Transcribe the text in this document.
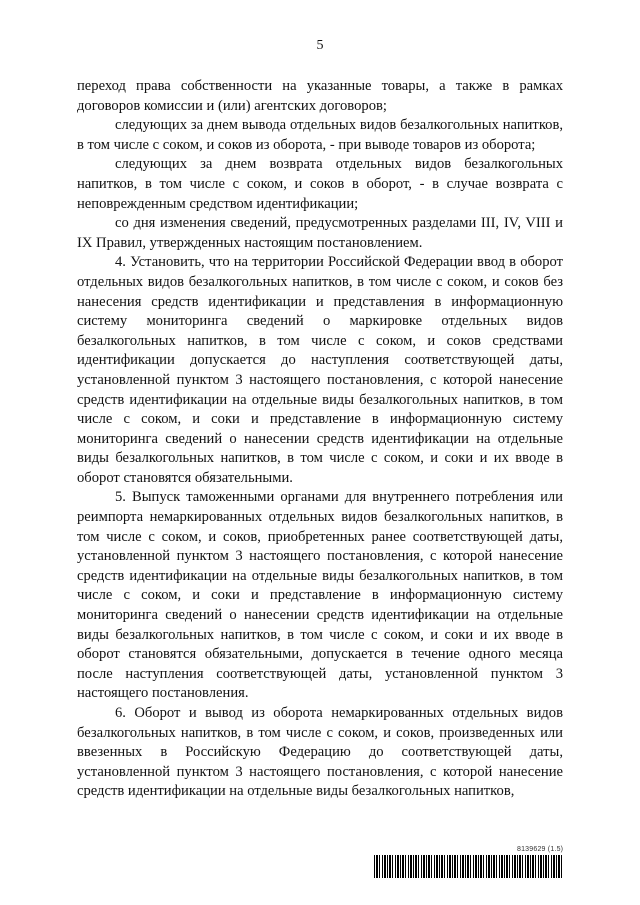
5

переход права собственности на указанные товары, а также в рамках договоров комиссии и (или) агентских договоров;

следующих за днем вывода отдельных видов безалкогольных напитков, в том числе с соком, и соков из оборота, - при выводе товаров из оборота;

следующих за днем возврата отдельных видов безалкогольных напитков, в том числе с соком, и соков в оборот, - в случае возврата с неповрежденным средством идентификации;

со дня изменения сведений, предусмотренных разделами III, IV, VIII и IX Правил, утвержденных настоящим постановлением.

4. Установить, что на территории Российской Федерации ввод в оборот отдельных видов безалкогольных напитков, в том числе с соком, и соков без нанесения средств идентификации и представления в информационную систему мониторинга сведений о маркировке отдельных видов безалкогольных напитков, в том числе с соком, и соков средствами идентификации допускается до наступления соответствующей даты, установленной пунктом 3 настоящего постановления, с которой нанесение средств идентификации на отдельные виды безалкогольных напитков, в том числе с соком, и соки и представление в информационную систему мониторинга сведений о нанесении средств идентификации на отдельные виды безалкогольных напитков, в том числе с соком, и соки и их вводе в оборот становятся обязательными.

5. Выпуск таможенными органами для внутреннего потребления или реимпорта немаркированных отдельных видов безалкогольных напитков, в том числе с соком, и соков, приобретенных ранее соответствующей даты, установленной пунктом 3 настоящего постановления, с которой нанесение средств идентификации на отдельные виды безалкогольных напитков, в том числе с соком, и соки и представление в информационную систему мониторинга сведений о нанесении средств идентификации на отдельные виды безалкогольных напитков, в том числе с соком, и соки и их вводе в оборот становятся обязательными, допускается в течение одного месяца после наступления соответствующей даты, установленной пунктом 3 настоящего постановления.

6. Оборот и вывод из оборота немаркированных отдельных видов безалкогольных напитков, в том числе с соком, и соков, произведенных или ввезенных в Российскую Федерацию до соответствующей даты, установленной пунктом 3 настоящего постановления, с которой нанесение средств идентификации на отдельные виды безалкогольных напитков,

8139629 (1.5)
